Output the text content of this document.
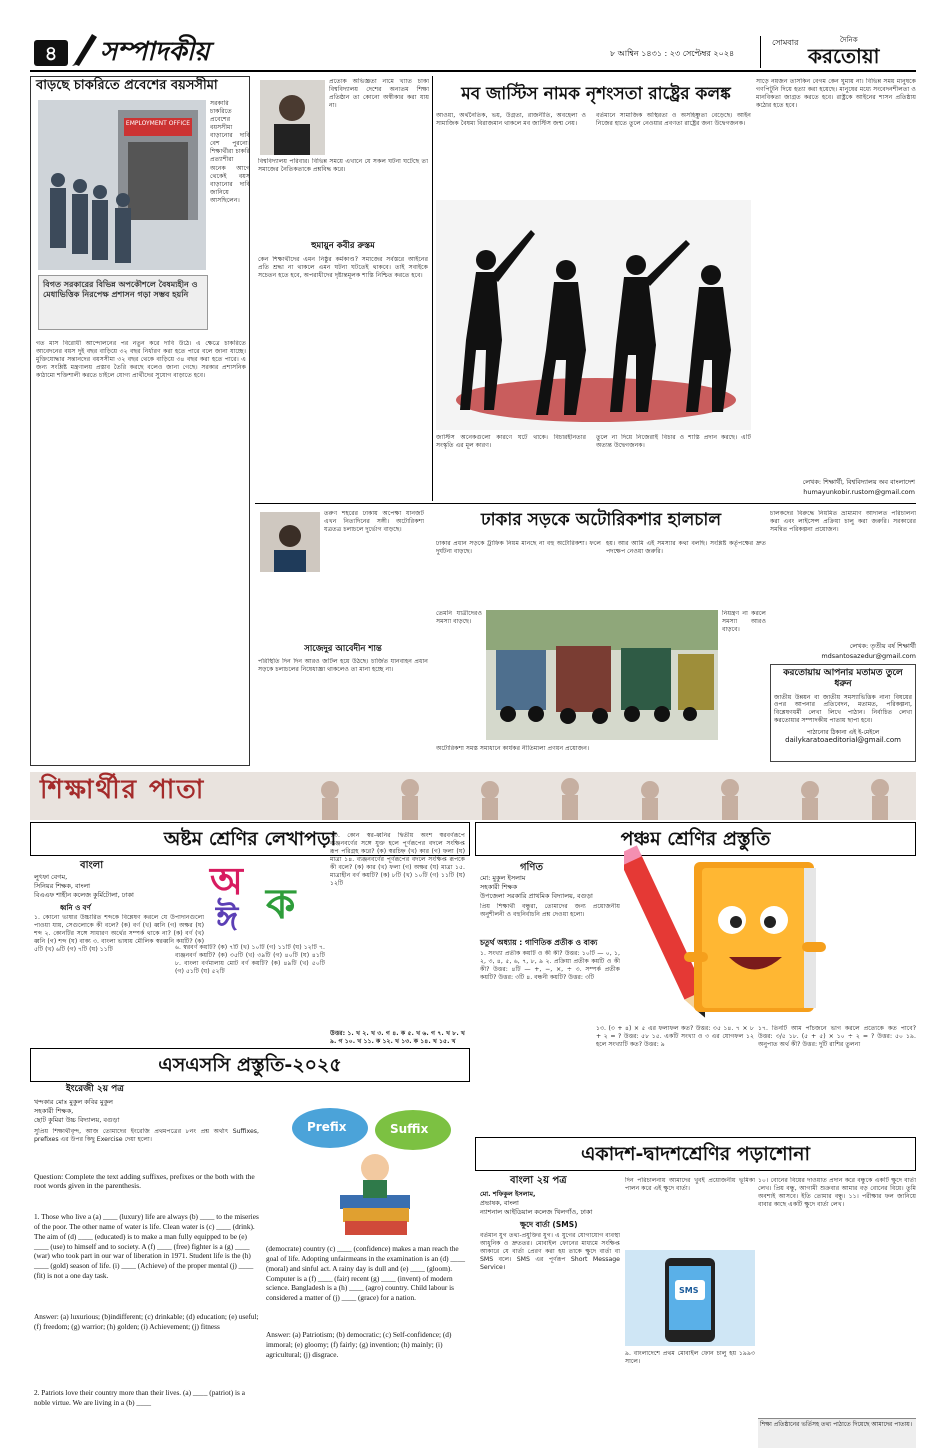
৪	সম্পাদকীয়	সোমবার
৮ আশ্বিন ১৪৩১ : ২৩ সেপ্টেম্বর ২০২৪
দৈনিক
করতোয়া
বাড়ছে চাকরিতে প্রবেশের বয়সসীমা
EMPLOYMENT OFFICE
বিগত সরকারের বিভিন্ন অপকৌশলে বৈষম্যহীন ও মেধাভিত্তিক নিরপেক্ষ প্রশাসন গড়া সম্ভব হয়নি
সরকারি চাকরিতে প্রবেশের বয়সসীমা বাড়ানোর দাবি বেশ পুরনো। শিক্ষার্থীরা চাকরি প্রত্যাশীরা অনেক আগে থেকেই বয়স বাড়ানোর দাবি জানিয়ে আসছিলেন।
গত মাস বিরোধী আন্দোলনের পর নতুন করে দাবি উঠে। এ ক্ষেত্রে চাকরিতে আবেদনের বয়স দুই বছর বাড়িয়ে ৩২ বছর নির্ধারণ করা হতে পারে বলে জানা যাচ্ছে। মুক্তিযোদ্ধার সন্তানদের বয়সসীমা ৩২ বছর থেকে বাড়িয়ে ৩৪ বছর করা হতে পারে। এ জন্য সংশ্লিষ্ট মন্ত্রণালয় প্রস্তাব তৈরি করছে বলেও জানা গেছে। সরকার প্রশাসনিক কাঠামো শক্তিশালী করতে চাইলে যোগ্য প্রার্থীদের সুযোগ বাড়াতে হবে।
প্রত্যেক অভিজ্ঞতা নামে খ্যাত চাকা বিশ্ববিদ্যালয় দেশের অন্যতম শিক্ষা প্রতিষ্ঠান তা কোনো অস্বীকার করা যায় না।
বিশ্ববিদ্যালয় পরিবার। বিভিন্ন সময়ে এখানে যে সকল ঘটনা ঘটেছে তা সমাজের নৈতিকতাকে প্রশ্নবিদ্ধ করে।
হুমায়ুন কবীর রুস্তম
কেন শিক্ষার্থীদের এমন নিষ্ঠুর কর্মকাণ্ড? সমাজের সর্বস্তরে আইনের প্রতি শ্রদ্ধা না থাকলে এমন ঘটনা ঘটতেই থাকবে। তাই সবাইকে সচেতন হতে হবে, অপরাধীদের দৃষ্টান্তমূলক শাস্তি নিশ্চিত করতে হবে।
মব জাস্টিস নামক নৃশংসতা রাষ্ট্রের কলঙ্ক
আওয়া, অর্থনৈতিক, ভয়, উগ্রতা, রাজনীতি, অবহেলা ও সামাজিক বৈষম্য বিরাজমান থাকলে মব জাস্টিস জন্ম নেয়।
বর্তমানে সামাজিক অস্থিরতা ও অসহিষ্ণুতা বেড়েছে। আইন নিজের হাতে তুলে নেওয়ার প্রবণতা রাষ্ট্রের জন্য উদ্বেগজনক।
জাস্টিস অনেকগুলো কারণে ঘটে থাকে। বিচারহীনতার সংস্কৃতি এর মূল কারণ।
তুলে না দিয়ে নিজেরাই বিচার ও শাস্তি প্রদান করছে। এটি অত্যন্ত উদ্বেগজনক।
সাড়ে নয়জন তাসকিন বেগম কেন ঘুমায় না। বিভিন্ন সময় মানুষকে গণপিটুনি দিয়ে হত্যা করা হয়েছে। মানুষের মধ্যে সংবেদনশীলতা ও মানবিকতা জাগ্রত করতে হবে। রাষ্ট্রকে আইনের শাসন প্রতিষ্ঠায় কঠোর হতে হবে।
লেখক: শিক্ষার্থী, বিশ্ববিদ্যালয় অব বাংলাদেশ
humayunkobir.rustom@gmail.com
তরুণ শহরের ঢাকায় অপেক্ষা যানজট এখন নিত্যদিনের সঙ্গী। অটোরিকশা যত্রতত্র চলাচলে দুর্ভোগ বাড়ছে।
সাজেদুর আবেদীন শান্ত
পরিস্থিতি দিন দিন আরও জটিল হয়ে উঠছে। চার্জিত যানবাহন প্রধান সড়কে চলাচলের নিষেধাজ্ঞা থাকলেও তা মানা হচ্ছে না।
ঢাকার সড়কে অটোরিকশার হালচাল
ঢাকার প্রধান সড়কে ট্রাফিক নিয়ম মানছে না বহু অটোরিকশা। ফলে দুর্ঘটনা বাড়ছে।
হয়। আর আমি এই সমস্যার কথা বলছি। সংশ্লিষ্ট কর্তৃপক্ষের দ্রুত পদক্ষেপ নেওয়া জরুরি।
তেমনি যাত্রীদেরও সমস্যা বাড়ছে।
নিয়ন্ত্রণ না করলে সমস্যা আরও বাড়বে।
অটোরিকশা সমস্ত সমাধানে কার্যকর নীতিমালা প্রণয়ন প্রয়োজন।
চালকদের বিরুদ্ধে নিয়মিত ভ্রাম্যমাণ আদালত পরিচালনা করা এবং লাইসেন্স প্রক্রিয়া চালু করা জরুরি। সরকারের সমন্বিত পরিকল্পনা প্রয়োজন।
লেখক: তৃতীয় বর্ষ শিক্ষার্থী
mdsantosazedur@gmail.com
করতোয়ায় আপনার মতামত তুলে ধরুন
জাতীয় উন্নয়ন বা জাতীয় সমস্যাভিত্তিক নানা বিষয়ের ওপর আপনার প্রতিবেদন, মতামত, পরিকল্পনা, বিশ্লেষণধর্মী লেখা লিখে পাঠান। নির্বাচিত লেখা করতোয়ার সম্পাদকীয় পাতায় ছাপা হবে।
পাঠানোর ঠিকানা এই ই-মেইলে
dailykaratoaeditorial@gmail.com
শিক্ষার্থীর পাতা
অষ্টম শ্রেণির লেখাপড়া
বাংলা
লুৎফা বেগম,
সিনিয়র শিক্ষক, বাংলা
বিএএফ শাহীন কলেজ কুর্মিটোলা, ঢাকা
ধ্বনি ও বর্ণ
১. কোনো ভাষার উচ্চারিত শব্দকে বিশ্লেষণ করলে যে উপাদানগুলো পাওয়া যায়, সেগুলোকে কী বলে? (ক) বর্ণ (খ) ধ্বনি (গ) অক্ষর (ঘ) শব্দ ২. কোনটির সঙ্গে সাধারণ অর্থের সম্পর্ক থাকে না? (ক) বর্ণ (খ) ধ্বনি (গ) শব্দ (ঘ) বাক্য ৩. বাংলা ভাষায় মৌলিক স্বরধ্বনি কয়টি? (ক) ৫টি (খ) ৬টি (গ) ৭টি (ঘ) ১১টি
অ
ঈ ক
৬. স্বরবর্ণ কয়টি? (ক) ৭টি (খ) ১০টি (গ) ১১টি (ঘ) ১২টি ৭. ব্যঞ্জনবর্ণ কয়টি? (ক) ৩৫টি (খ) ৩৯টি (গ) ৪০টি (ঘ) ৪১টি ৮. বাংলা বর্ণমালায় মোট বর্ণ কয়টি? (ক) ৪৯টি (খ) ৫০টি (গ) ৫১টি (ঘ) ৫২টি
১৩. কোন স্বর-ধ্বনির দ্বিতীয় অংশ স্বরবর্ণরূপে ব্যঞ্জনবর্ণের সঙ্গে যুক্ত হলে পূর্ণরূপের বদলে সংক্ষিপ্ত রূপ পরিগ্রহ করে? (ক) স্বরচিহ্ন (খ) কার (গ) ফলা (ঘ) মাত্রা ১৪. ব্যঞ্জনবর্ণের পূর্ণরূপের বদলে সংক্ষিপ্ত রূপকে কী বলে? (ক) কার (খ) ফলা (গ) অক্ষর (ঘ) মাত্রা ১৫. মাত্রাহীন বর্ণ কয়টি? (ক) ৮টি (খ) ১০টি (গ) ১১টি (ঘ) ১২টি
উত্তর: ১. খ ২. খ ৩. গ ৪. ক ৫. খ ৬. গ ৭. খ ৮. খ ৯. গ ১০. খ ১১. ক ১২. খ ১৩. ক ১৪. খ ১৫. খ
পঞ্চম শ্রেণির প্রস্তুতি
গণিত
মো: মুকুল ইসলাম
সহকারী শিক্ষক
উপজেলা সরকারি প্রাথমিক বিদ্যালয়, বগুড়া
প্রিয় শিক্ষার্থী বন্ধুরা, তোমাদের জন্য প্রয়োজনীয় অনুশীলনী ও বহুনির্বাচনি প্রশ্ন দেওয়া হলো।
চতুর্থ অধ্যায় : গাণিতিক প্রতীক ও বাক্য
১. সংখ্যা প্রতীক কয়টি ও কী কী? উত্তর: ১০টি — ০, ১, ২, ৩, ৪, ৫, ৬, ৭, ৮, ৯ ২. প্রক্রিয়া প্রতীক কয়টি ও কী কী? উত্তর: ৪টি — +, −, ×, ÷ ৩. সম্পর্ক প্রতীক কয়টি? উত্তর: ৩টি ৪. বন্ধনী কয়টি? উত্তর: ৩টি
১৩. (৩ + ৪) × ৫ এর ফলাফল কত? উত্তর: ৩৫ ১৪. ৭ × ৮ + ২ = ? উত্তর: ৫৮ ১৫. একটি সংখ্যা ও ৩ এর যোগফল ১২ হলে সংখ্যাটি কত? উত্তর: ৯
১৭. তিনটি আম পাঁচজনে ভাগ করলে প্রত্যেকে কত পাবে? উত্তর: ৩/৫ ১৮. (৫ + ৫) × ১০ ÷ ২ = ? উত্তর: ৫০ ১৯. অনুপাত অর্থ কী? উত্তর: দুটি রাশির তুলনা
এসএসসি প্রস্তুতি-২০২৫
ইংরেজী ২য় পত্র
খন্দকার মোঃ মুকুল কবির মুকুল
সহকারী শিক্ষক,
ছোট কুমিরা উচ্চ বিদ্যালয়, বগুড়া
সুপ্রিয় শিক্ষার্থীবৃন্দ, আজ তোমাদের ইংরেজি প্রথমপত্রের ৮নং প্রশ্ন অর্থাৎ Suffixes, prefixes এর উপর কিছু Exercise দেয়া হলো।
Question: Complete the text adding suffixes, prefixes or the both with the root words given in the parenthesis.
1. Those who live a (a) ____ (luxury) life are always (b) ____ to the miseries of the poor. The other name of water is life. Clean water is (c) ____ (drink). The aim of (d) ____ (educated) is to make a man fully equipped to be (e) ____ (use) to himself and to society. A (f) ____ (free) fighter is a (g) ____ (war) who took part in our war of liberation in 1971. Student life is the (h) ____ (gold) season of life. (i) ____ (Achieve) of the proper mental (j) ____ (fit) is not a one day task.
Answer: (a) luxurious; (b)indifferent; (c) drinkable; (d) education; (e) useful; (f) freedom; (g) warrior; (h) golden; (i) Achievement; (j) fitness
2. Patriots love their country more than their lives. (a) ____ (patriot) is a noble virtue. We are living in a (b) ____
Prefix	Suffix
(democrate) country (c) ____ (confidence) makes a man reach the goal of life. Adopting unfairmeans in the examination is an (d) ____ (moral) and sinful act. A rainy day is dull and (e) ____ (gloom). Computer is a (f) ____ (fair) recent (g) ____ (invent) of modern science. Bangladesh is a (h) ____ (agro) country. Child labour is considered a matter of (j) ____ (grace) for a nation.
Answer: (a) Patriotism; (b) democratic; (c) Self-confidence; (d) immoral; (e) gloomy; (f) fairly; (g) invention; (h) mainly; (i) agricultural; (j) disgrace.
একাদশ-দ্বাদশশ্রেণির পড়াশোনা
বাংলা ২য় পত্র
মো. শফিকুল ইসলাম,
প্রভাষক, বাংলা
ন্যাশনাল আইডিয়াল কলেজ খিলগাঁও, ঢাকা
ক্ষুদে বার্তা (SMS)
বর্তমান যুগ তথ্য-প্রযুক্তির যুগ। এ যুগের যোগাযোগ ব্যবস্থা আধুনিক ও দ্রুততর। মোবাইল ফোনের মাধ্যমে সংক্ষিপ্ত আকারে যে বার্তা প্রেরণ করা হয় তাকে ক্ষুদে বার্তা বা SMS বলে। SMS এর পূর্ণরূপ Short Message Service।
দিন পরিচালনায় আমাদের খুবই প্রয়োজনীয় ভূমিকা পালন করে এই ক্ষুদে বার্তা।
SMS
৯. বাংলাদেশে প্রথম মোবাইল ফোন চালু হয় ১৯৯৩ সালে।
১০। বোনের বিয়ের দাওয়াত প্রদান করে বন্ধুকে একটি ক্ষুদে বার্তা লেখ। প্রিয় বন্ধু, আগামী শুক্রবার আমার বড় বোনের বিয়ে। তুমি অবশ্যই আসবে। ইতি তোমার বন্ধু। ১১। পরীক্ষার ফল জানিয়ে বাবার কাছে একটি ক্ষুদে বার্তা লেখ।
শিক্ষা প্রতিষ্ঠানের ভর্তিসহ তথ্য পাঠাতে দিয়েছে আমাদের পাতায়।
